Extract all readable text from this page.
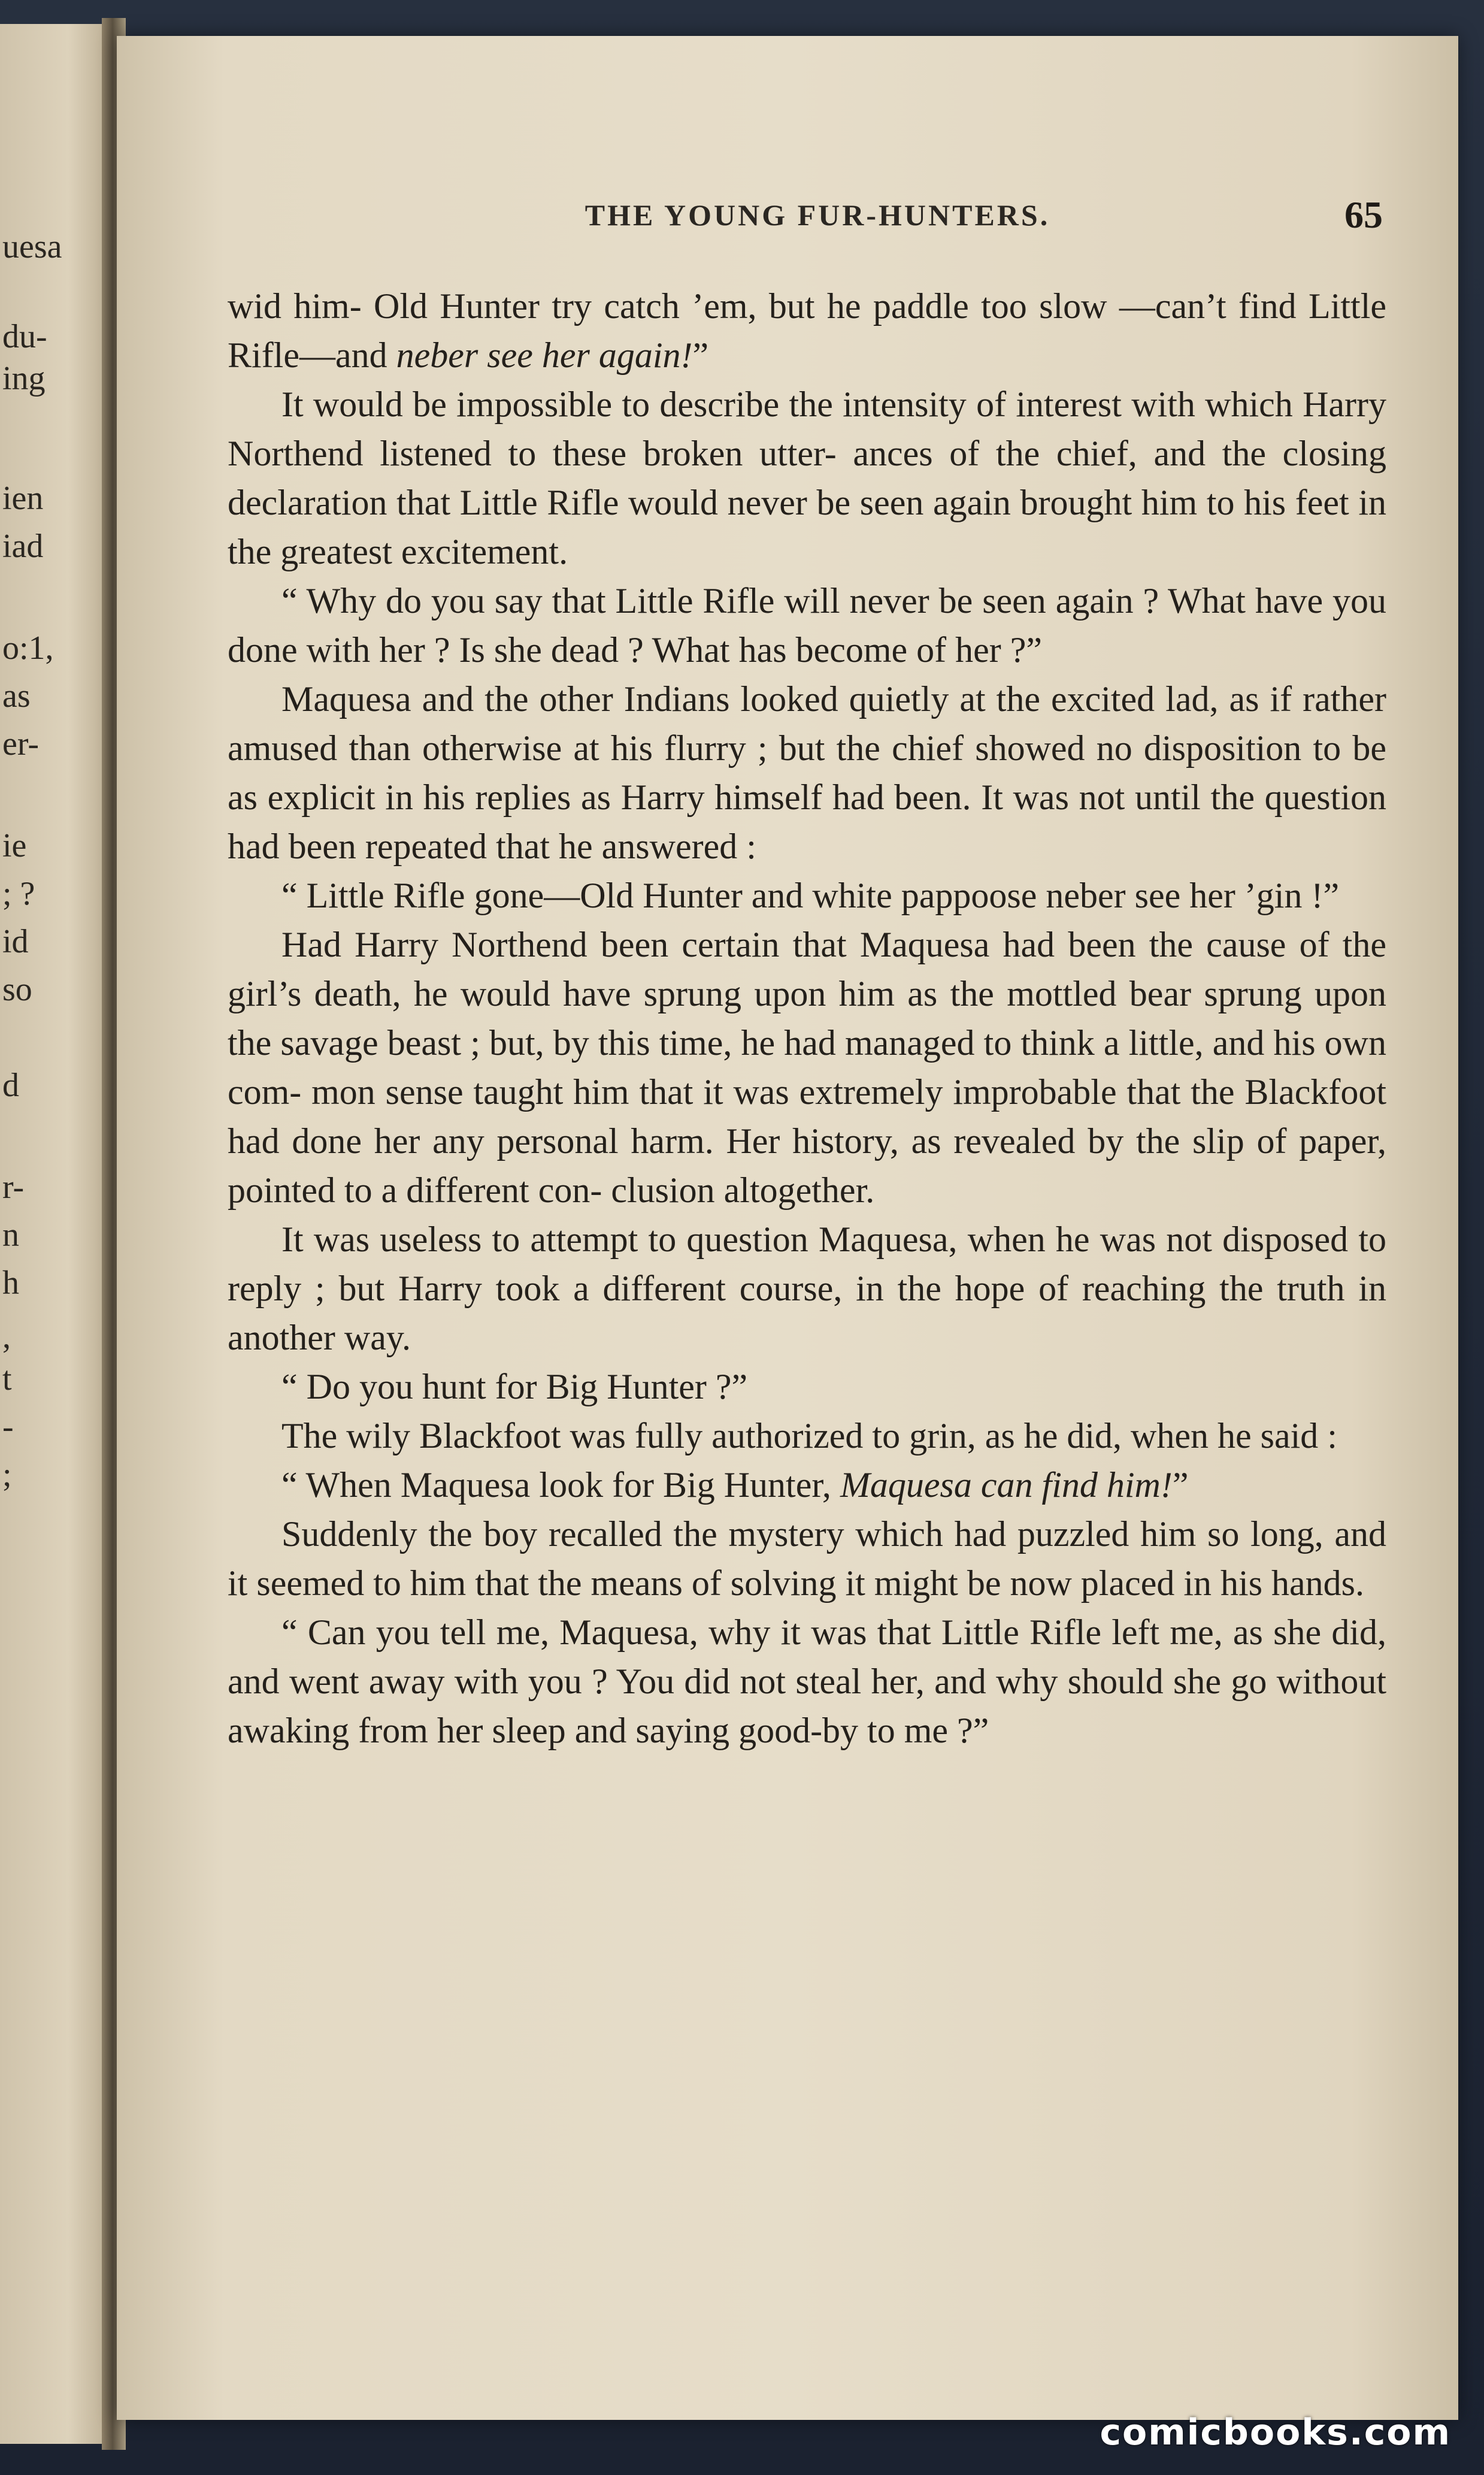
uesa
du-
ing
ien
iad
o:1,
as
er-
ie
; ?
id
so
d
r-
n
h
,
t
-
;
THE YOUNG FUR-HUNTERS.	65

wid him- Old Hunter try catch ’em, but he paddle too slow —can’t find Little Rifle—and neber see her again!”

It would be impossible to describe the intensity of interest with which Harry Northend listened to these broken utter- ances of the chief, and the closing declaration that Little Rifle would never be seen again brought him to his feet in the greatest excitement.

“ Why do you say that Little Rifle will never be seen again ? What have you done with her ? Is she dead ? What has become of her ?”

Maquesa and the other Indians looked quietly at the excited lad, as if rather amused than otherwise at his flurry ; but the chief showed no disposition to be as explicit in his replies as Harry himself had been. It was not until the question had been repeated that he answered :

“ Little Rifle gone—Old Hunter and white pappoose neber see her ’gin !”

Had Harry Northend been certain that Maquesa had been the cause of the girl’s death, he would have sprung upon him as the mottled bear sprung upon the savage beast ; but, by this time, he had managed to think a little, and his own com- mon sense taught him that it was extremely improbable that the Blackfoot had done her any personal harm. Her history, as revealed by the slip of paper, pointed to a different con- clusion altogether.

It was useless to attempt to question Maquesa, when he was not disposed to reply ; but Harry took a different course, in the hope of reaching the truth in another way.

“ Do you hunt for Big Hunter ?”

The wily Blackfoot was fully authorized to grin, as he did, when he said :

“ When Maquesa look for Big Hunter, Maquesa can find him!”

Suddenly the boy recalled the mystery which had puzzled him so long, and it seemed to him that the means of solving it might be now placed in his hands.

“ Can you tell me, Maquesa, why it was that Little Rifle left me, as she did, and went away with you ? You did not steal her, and why should she go without awaking from her sleep and saying good-by to me ?”

comicbooks.com
